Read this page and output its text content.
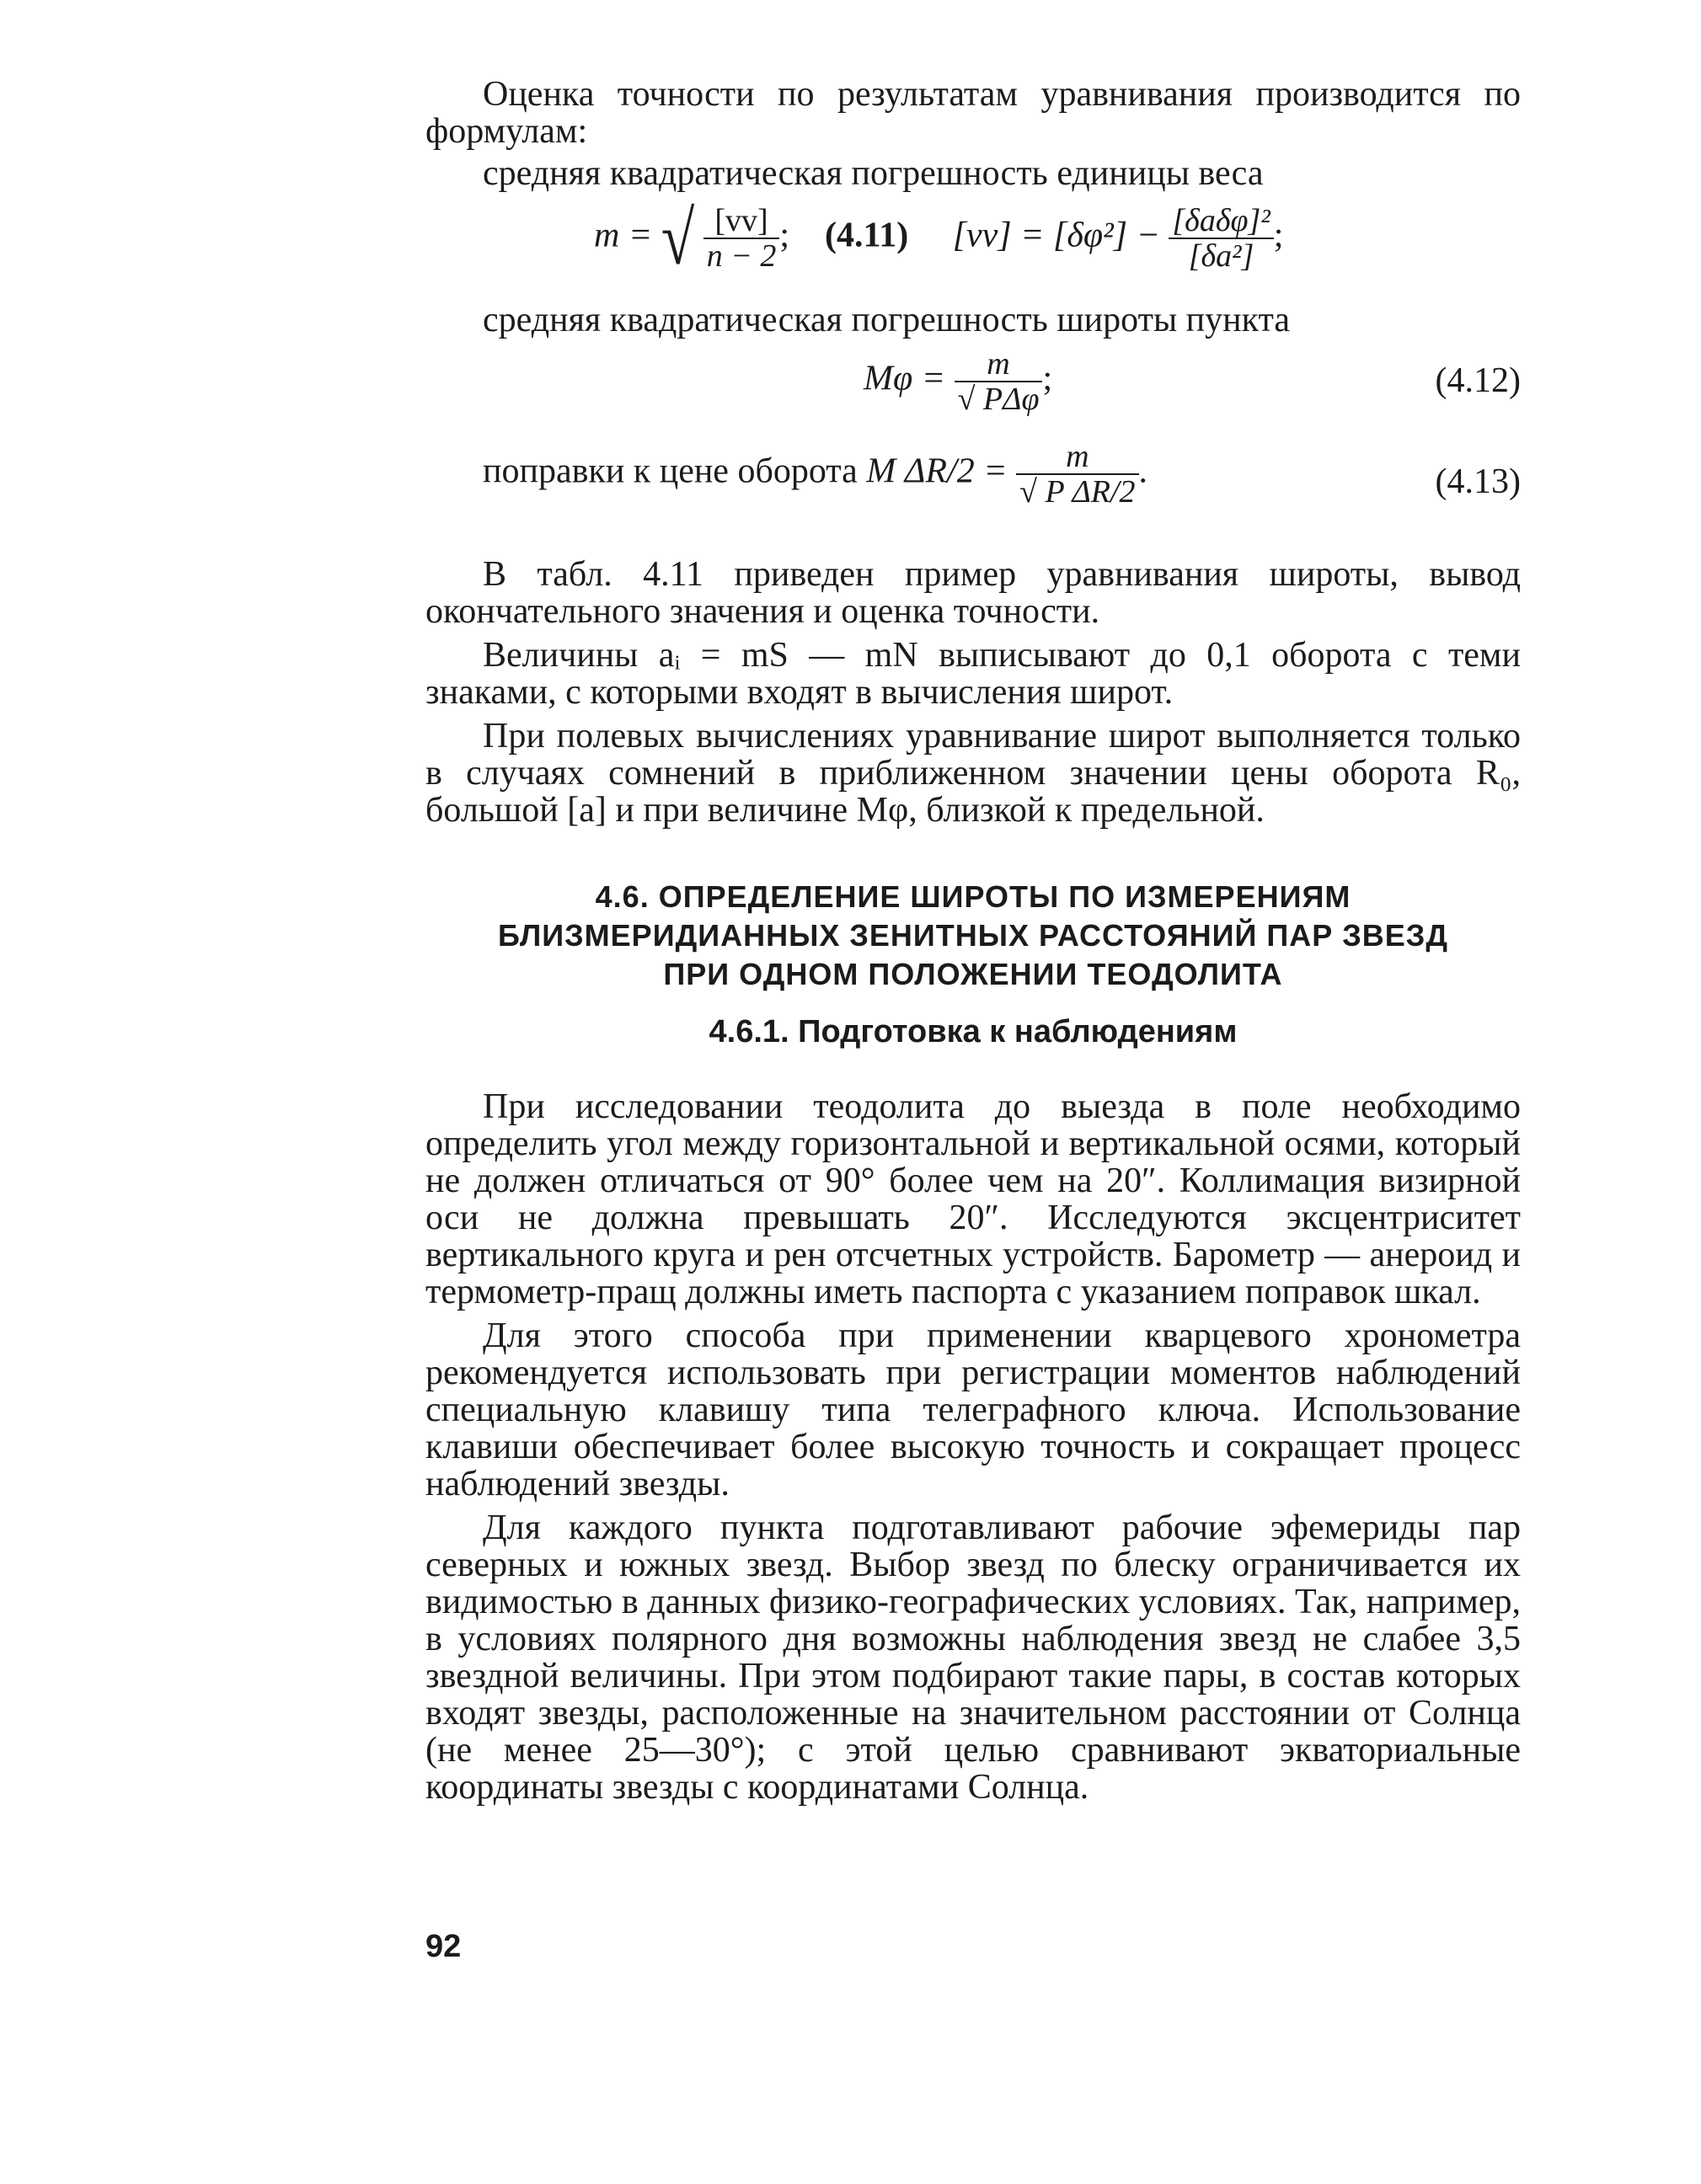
Оценка точности по результатам уравнивания производится по формулам:

средняя квадратическая погрешность единицы веса

m = √ $\frac{[vv]}{n - 2}$ ; (4.11) $[vv] = [\delta\varphi^2] - \frac{\text{[δaδφ]²}}{\text{[δa²]}}$ ;

средняя квадратическая погрешность широты пункта

$M\varphi = \frac{m}{\text{√ PΔφ}}$ ;	(4.12)
поправки к цене оборота M $\Delta R/2 = \frac{m}{\text{√ P ΔR/2}}$ .	(4.13)

В табл. 4.11 приведен пример уравнивания широты, вывод окончательного значения и оценка точности.

Величины aᵢ = mS — mN выписывают до 0,1 оборота с теми знаками, с которыми входят в вычисления широт.

При полевых вычислениях уравнивание широт выполняется только в случаях сомнений в приближенном значении цены оборота R₀, большой [a] и при величине Mφ, близкой к предельной.

4.6. ОПРЕДЕЛЕНИЕ ШИРОТЫ ПО ИЗМЕРЕНИЯМ

БЛИЗМЕРИДИАННЫХ ЗЕНИТНЫХ РАССТОЯНИЙ ПАР ЗВЕЗД

ПРИ ОДНОМ ПОЛОЖЕНИИ ТЕОДОЛИТА

4.6.1. Подготовка к наблюдениям

При исследовании теодолита до выезда в поле необходимо определить угол между горизонтальной и вертикальной осями, который не должен отличаться от 90° более чем на 20″. Коллимация визирной оси не должна превышать 20″. Исследуются эксцентриситет вертикального круга и рен отсчетных устройств. Барометр — анероид и термометр-пращ должны иметь паспорта с указанием поправок шкал.

Для этого способа при применении кварцевого хронометра рекомендуется использовать при регистрации моментов наблюдений специальную клавишу типа телеграфного ключа. Использование клавиши обеспечивает более высокую точность и сокращает процесс наблюдений звезды.

Для каждого пункта подготавливают рабочие эфемериды пар северных и южных звезд. Выбор звезд по блеску ограничивается их видимостью в данных физико-географических условиях. Так, например, в условиях полярного дня возможны наблюдения звезд не слабее 3,5 звездной величины. При этом подбирают такие пары, в состав которых входят звезды, расположенные на значительном расстоянии от Солнца (не менее 25—30°); с этой целью сравнивают экваториальные координаты звезды с координатами Солнца.

92
